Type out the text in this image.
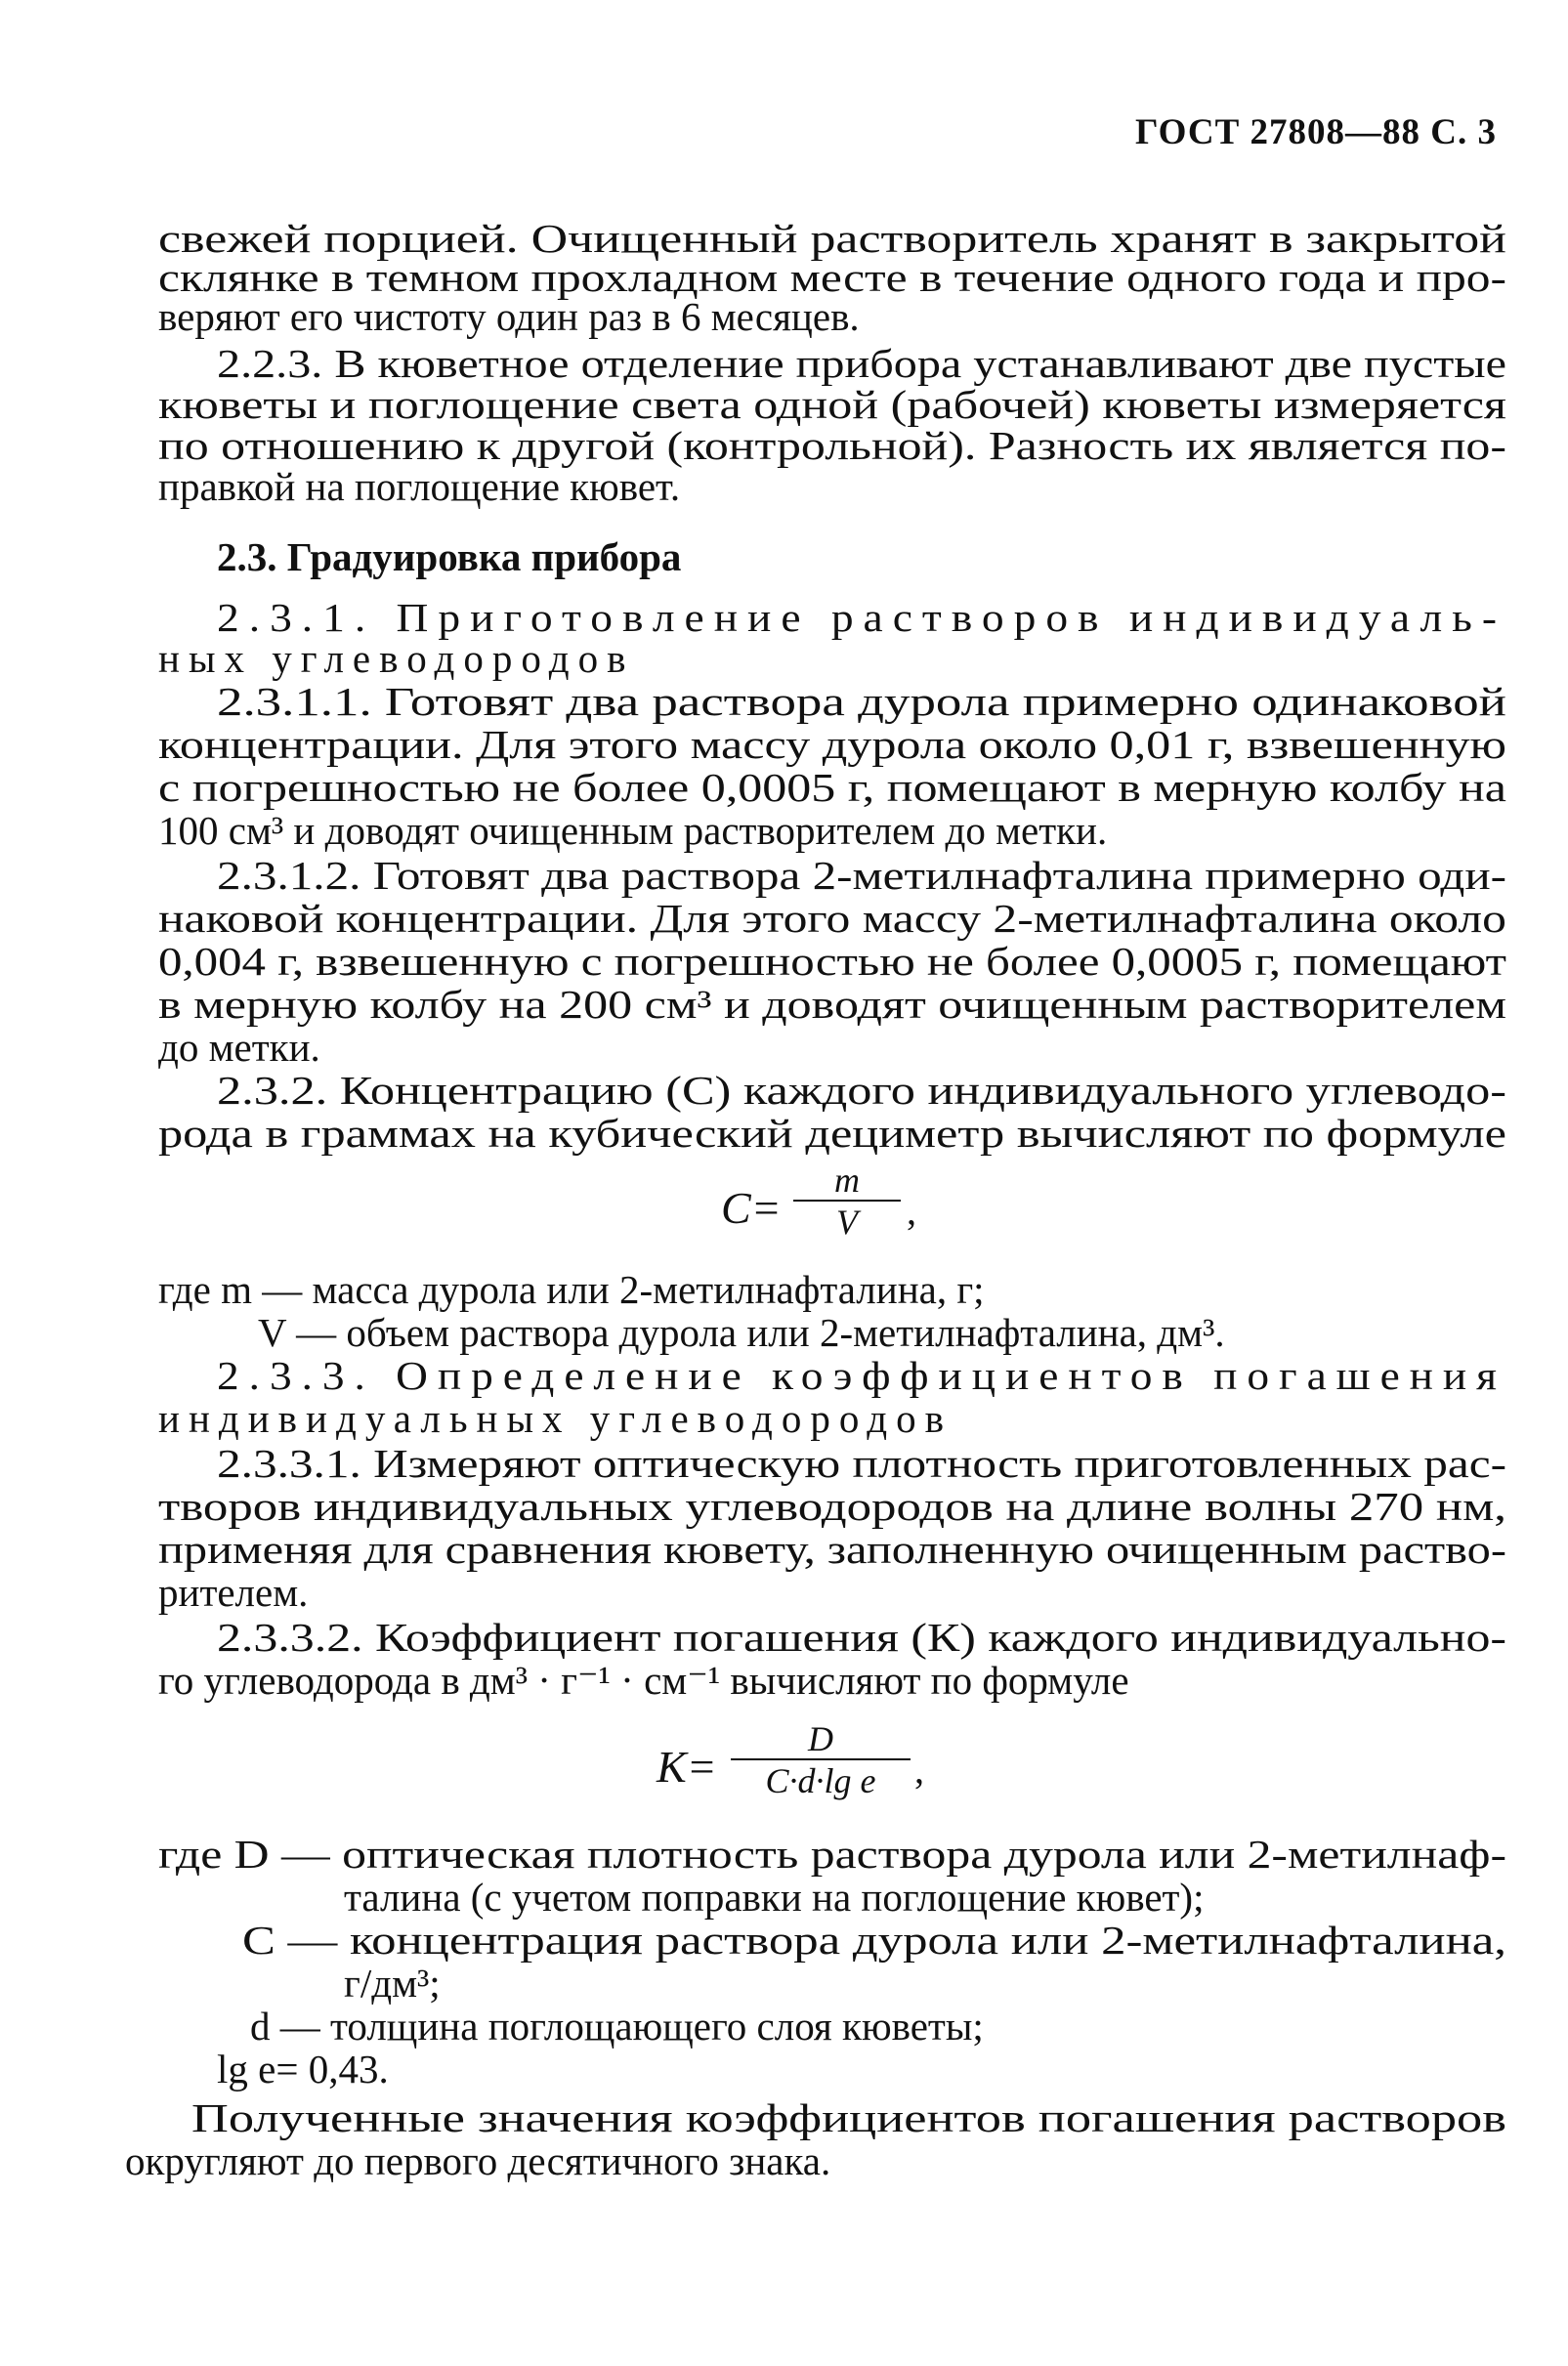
ГОСТ 27808—88 С. 3
свежей порцией. Очищенный растворитель хранят в закрытой
склянке в темном прохладном месте в течение одного года и про-
веряют его чистоту один раз в 6 месяцев.
2.2.3. В кюветное отделение прибора устанавливают две пустые
кюветы и поглощение света одной (рабочей) кюветы измеряется
по отношению к другой (контрольной). Разность их является по-
правкой на поглощение кювет.
2.3. Градуировка прибора
2.3.1. Приготовление растворов индивидуаль-
ных углеводородов
2.3.1.1. Готовят два раствора дурола примерно одинаковой
концентрации. Для этого массу дурола около 0,01 г, взвешенную
с погрешностью не более 0,0005 г, помещают в мерную колбу на
100 см³ и доводят очищенным растворителем до метки.
2.3.1.2. Готовят два раствора 2-метилнафталина примерно оди-
наковой концентрации. Для этого массу 2-метилнафталина около
0,004 г, взвешенную с погрешностью не более 0,0005 г, помещают
в мерную колбу на 200 см³ и доводят очищенным растворителем
до метки.
2.3.2. Концентрацию (С) каждого индивидуального углеводо-
рода в граммах на кубический дециметр вычисляют по формуле
C=
m
V	,
где m — масса дурола или 2-метилнафталина, г;
V — объем раствора дурола или 2-метилнафталина, дм³.
2.3.3. Определение коэффициентов погашения
индивидуальных углеводородов
2.3.3.1. Измеряют оптическую плотность приготовленных рас-
творов индивидуальных углеводородов на длине волны 270 нм,
применяя для сравнения кювету, заполненную очищенным раство-
рителем.
2.3.3.2. Коэффициент погашения (К) каждого индивидуально-
го углеводорода в дм³ · г⁻¹ · см⁻¹ вычисляют по формуле
K=
D
C·d·lg e ,
где D — оптическая плотность раствора дурола или 2-метилнаф-
талина (с учетом поправки на поглощение кювет);
С — концентрация раствора дурола или 2-метилнафталина,
г/дм³;
d — толщина поглощающего слоя кюветы;
lg e= 0,43.
Полученные значения коэффициентов погашения растворов
округляют до первого десятичного знака.
